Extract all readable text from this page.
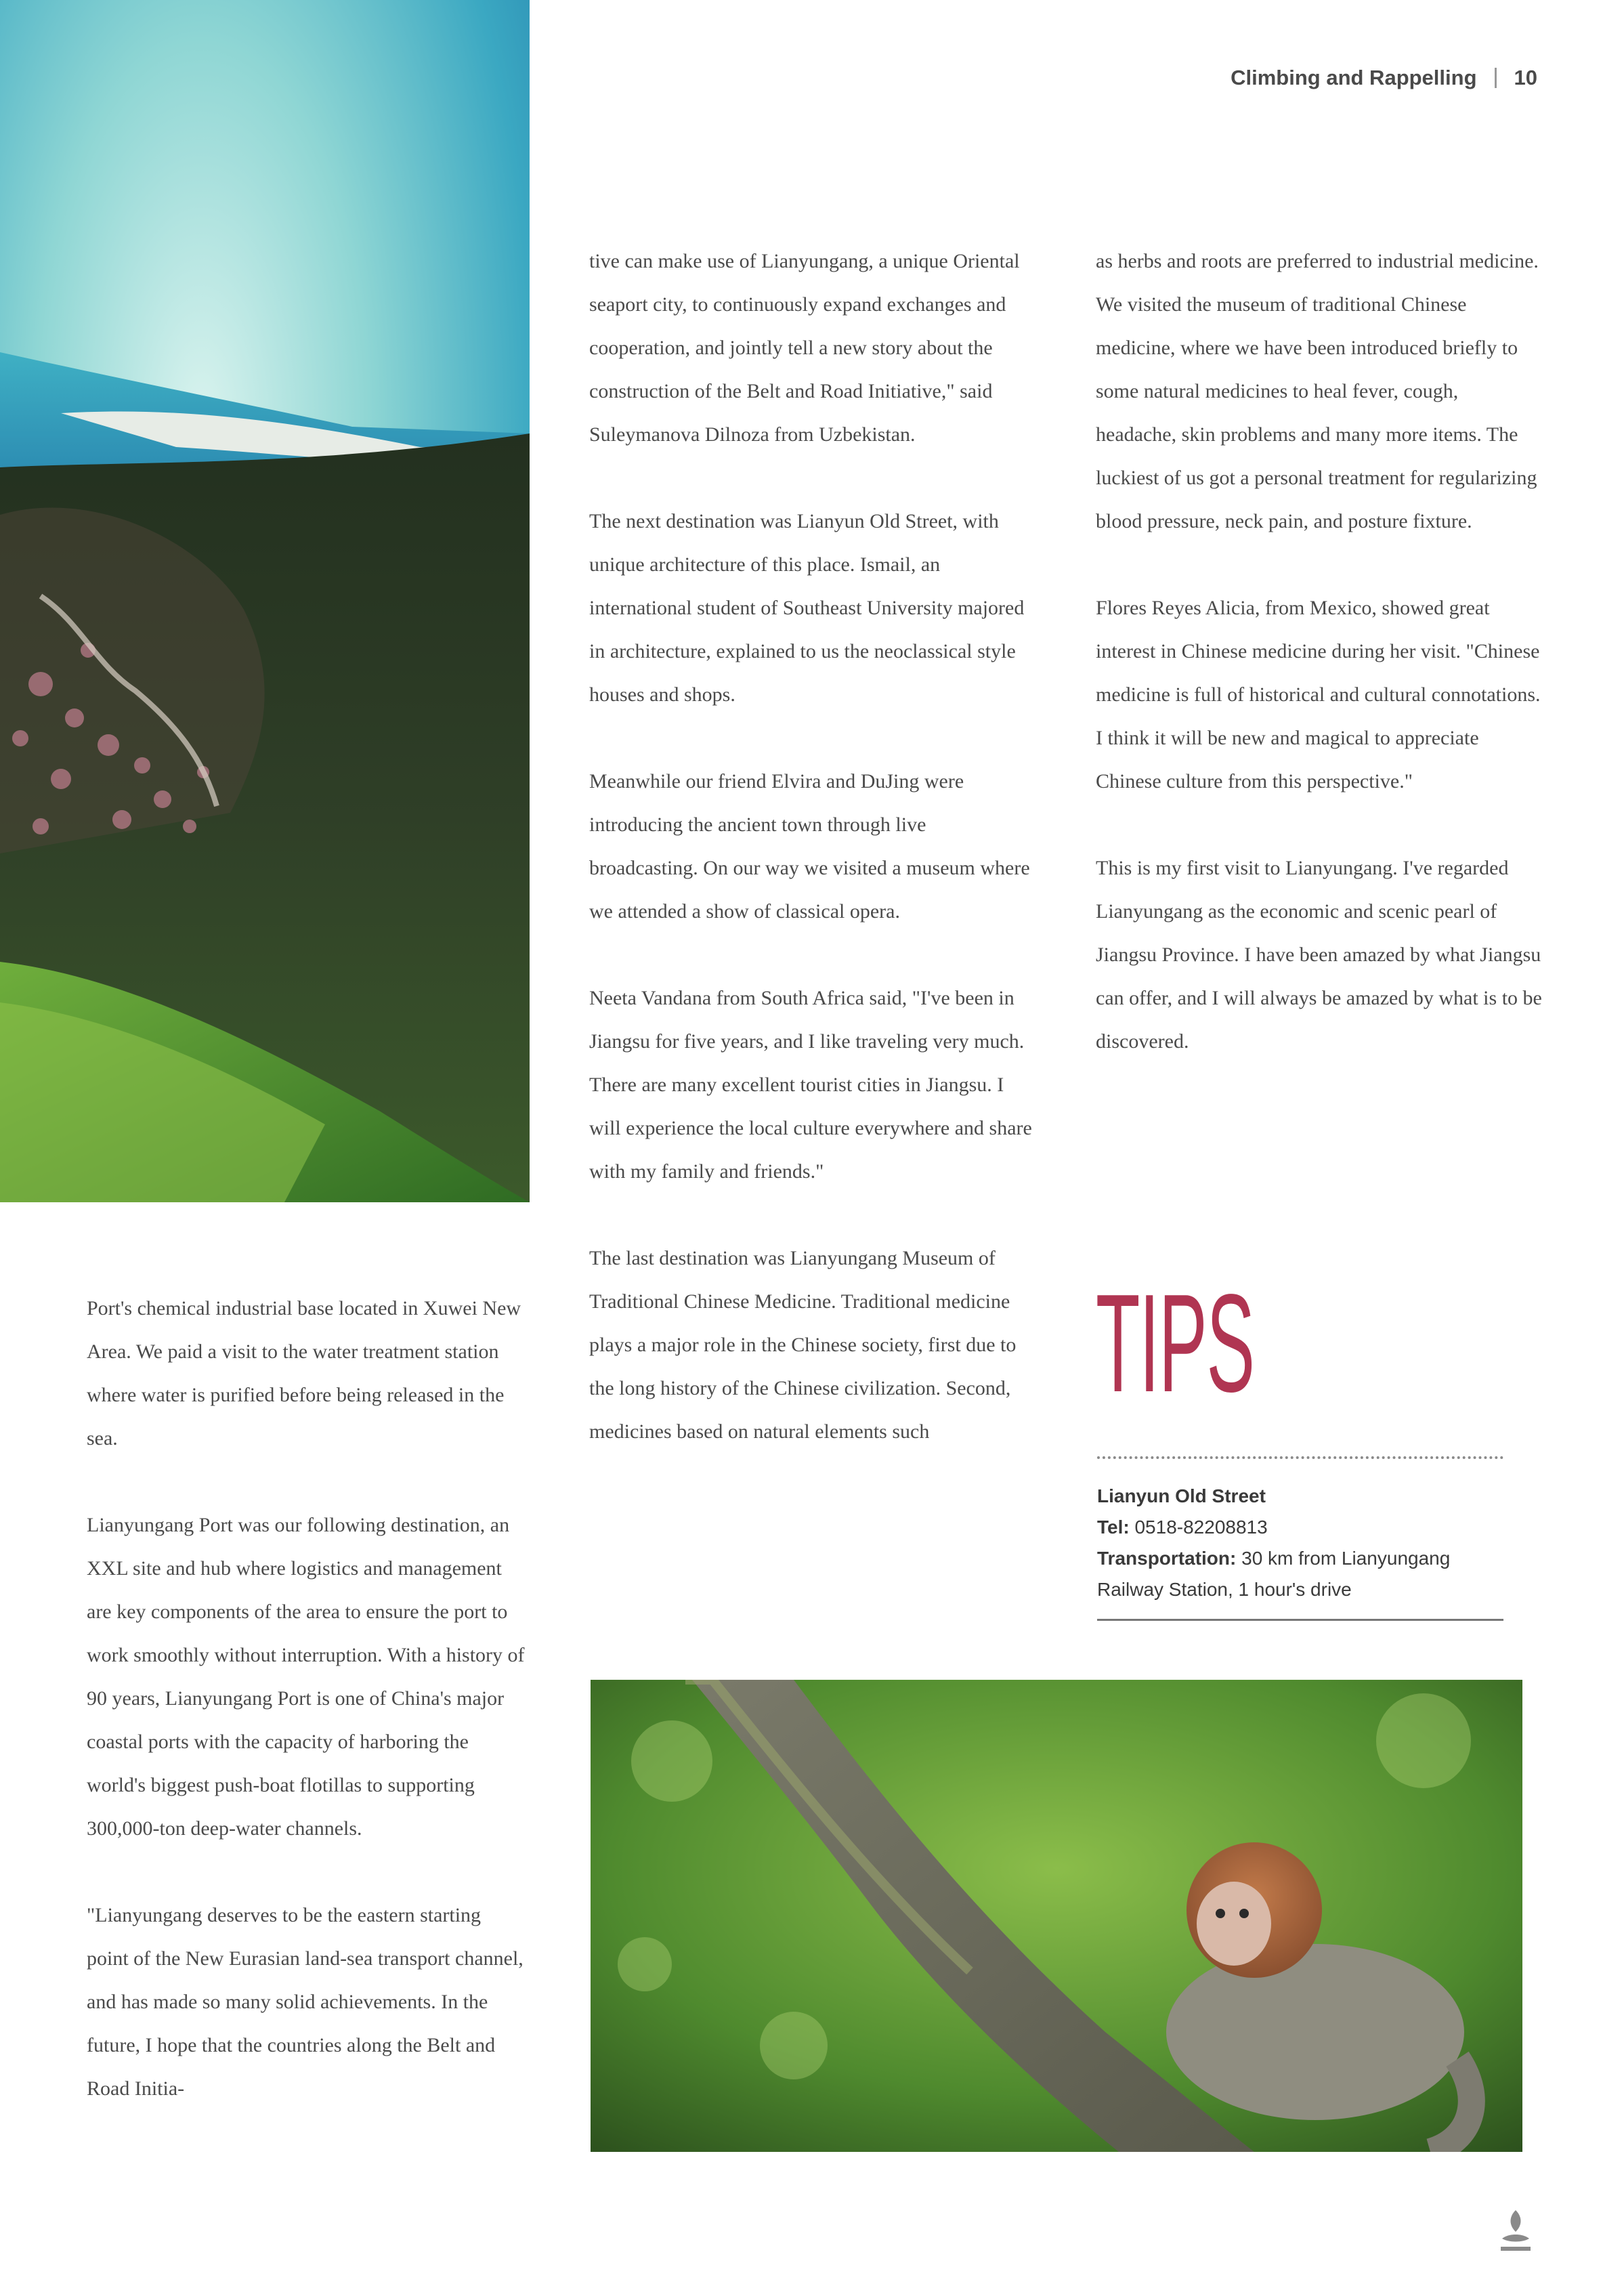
Climbing and Rappelling 10

Port's chemical industrial base located in Xuwei New Area. We paid a visit to the water treatment station where water is purified before being released in the sea.

Lianyungang Port was our following destination, an XXL site and hub where logistics and management are key components of the area to ensure the port to work smoothly without interruption. With a history of 90 years, Lianyungang Port is one of China's major coastal ports with the capacity of harboring the world's biggest push-boat flotillas to supporting 300,000-ton deep-water channels.

"Lianyungang deserves to be the eastern starting point of the New Eurasian land-sea transport channel, and has made so many solid achievements. In the future, I hope that the countries along the Belt and Road Initia-

tive can make use of Lianyungang, a unique Oriental seaport city, to continuously expand exchanges and cooperation, and jointly tell a new story about the construction of the Belt and Road Initiative," said Suleymanova Dilnoza from Uzbekistan.

The next destination was Lianyun Old Street, with unique architecture of this place. Ismail, an international student of Southeast University majored in architecture, explained to us the neoclassical style houses and shops.

Meanwhile our friend Elvira and DuJing were introducing the ancient town through live broadcasting. On our way we visited a museum where we attended a show of classical opera.

Neeta Vandana from South Africa said, "I've been in Jiangsu for five years, and I like traveling very much. There are many excellent tourist cities in Jiangsu. I will experience the local culture everywhere and share with my family and friends."

The last destination was Lianyungang Museum of Traditional Chinese Medicine. Traditional medicine plays a major role in the Chinese society, first due to the long history of the Chinese civilization. Second, medicines based on natural elements such

as herbs and roots are preferred to industrial medicine. We visited the museum of traditional Chinese medicine, where we have been introduced briefly to some natural medicines to heal fever, cough, headache, skin problems and many more items. The luckiest of us got a personal treatment for regularizing blood pressure, neck pain, and posture fixture.

Flores Reyes Alicia, from Mexico, showed great interest in Chinese medicine during her visit. "Chinese medicine is full of historical and cultural connotations. I think it will be new and magical to appreciate Chinese culture from this perspective."

This is my first visit to Lianyungang. I've regarded Lianyungang as the economic and scenic pearl of Jiangsu Province. I have been amazed by what Jiangsu can offer, and I will always be amazed by what is to be discovered.

TIPS
Lianyun Old Street
Tel: 0518-82208813
Transportation: 30 km from Lianyungang Railway Station, 1 hour's drive
